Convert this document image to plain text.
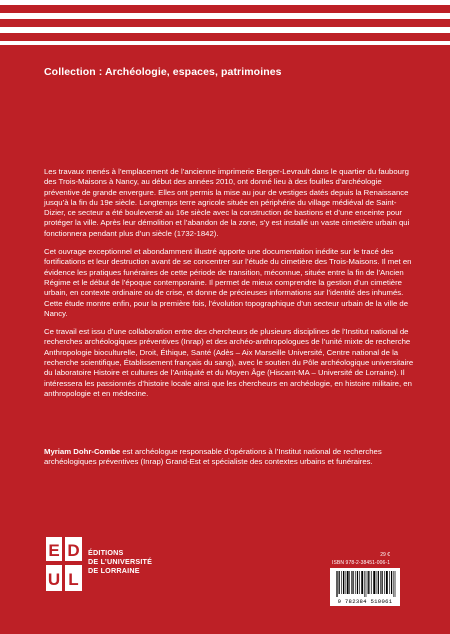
Collection : Archéologie, espaces, patrimoines

Les travaux menés à l’emplacement de l’ancienne imprimerie Berger-Levrault dans le quartier du faubourg des Trois-Maisons à Nancy, au début des années 2010, ont donné lieu à des fouilles d’archéologie préventive de grande envergure. Elles ont permis la mise au jour de vestiges datés depuis la Renaissance jusqu’à la fin du 19e siècle. Longtemps terre agricole située en périphérie du village médiéval de Saint-Dizier, ce secteur a été bouleversé au 16e siècle avec la construction de bastions et d’une enceinte pour protéger la ville. Après leur démolition et l’abandon de la zone, s’y est installé un vaste cimetière urbain qui fonctionnera pendant plus d’un siècle (1732-1842).

Cet ouvrage exceptionnel et abondamment illustré apporte une documentation inédite sur le tracé des fortifications et leur destruction avant de se concentrer sur l’étude du cimetière des Trois-Maisons. Il met en évidence les pratiques funéraires de cette période de transition, méconnue, située entre la fin de l’Ancien Régime et le début de l’époque contemporaine. Il permet de mieux comprendre la gestion d’un cimetière urbain, en contexte ordinaire ou de crise, et donne de précieuses informations sur l’identité des inhumés. Cette étude montre enfin, pour la première fois, l’évolution topographique d’un secteur urbain de la ville de Nancy.

Ce travail est issu d’une collaboration entre des chercheurs de plusieurs disciplines de l’Institut national de recherches archéologiques préventives (Inrap) et des archéo-anthropologues de l’unité mixte de recherche Anthropologie bioculturelle, Droit, Éthique, Santé (Adès – Aix Marseille Université, Centre national de la recherche scientifique, Établissement français du sang), avec le soutien du Pôle archéologique universitaire du laboratoire Histoire et cultures de l’Antiquité et du Moyen Âge (Hiscant-MA – Université de Lorraine). Il intéressera les passionnés d’histoire locale ainsi que les chercheurs en archéologie, en histoire militaire, en anthropologie et en médecine.

Myriam Dohr-Combe est archéologue responsable d’opérations à l’Institut national de recherches archéologiques préventives (Inrap) Grand-Est et spécialiste des contextes urbains et funéraires.
E D
U L
ÉDITIONS
DE L’UNIVERSITÉ
DE LORRAINE
29 €
ISBN 978-2-38451-006-1
9 782384 510061
